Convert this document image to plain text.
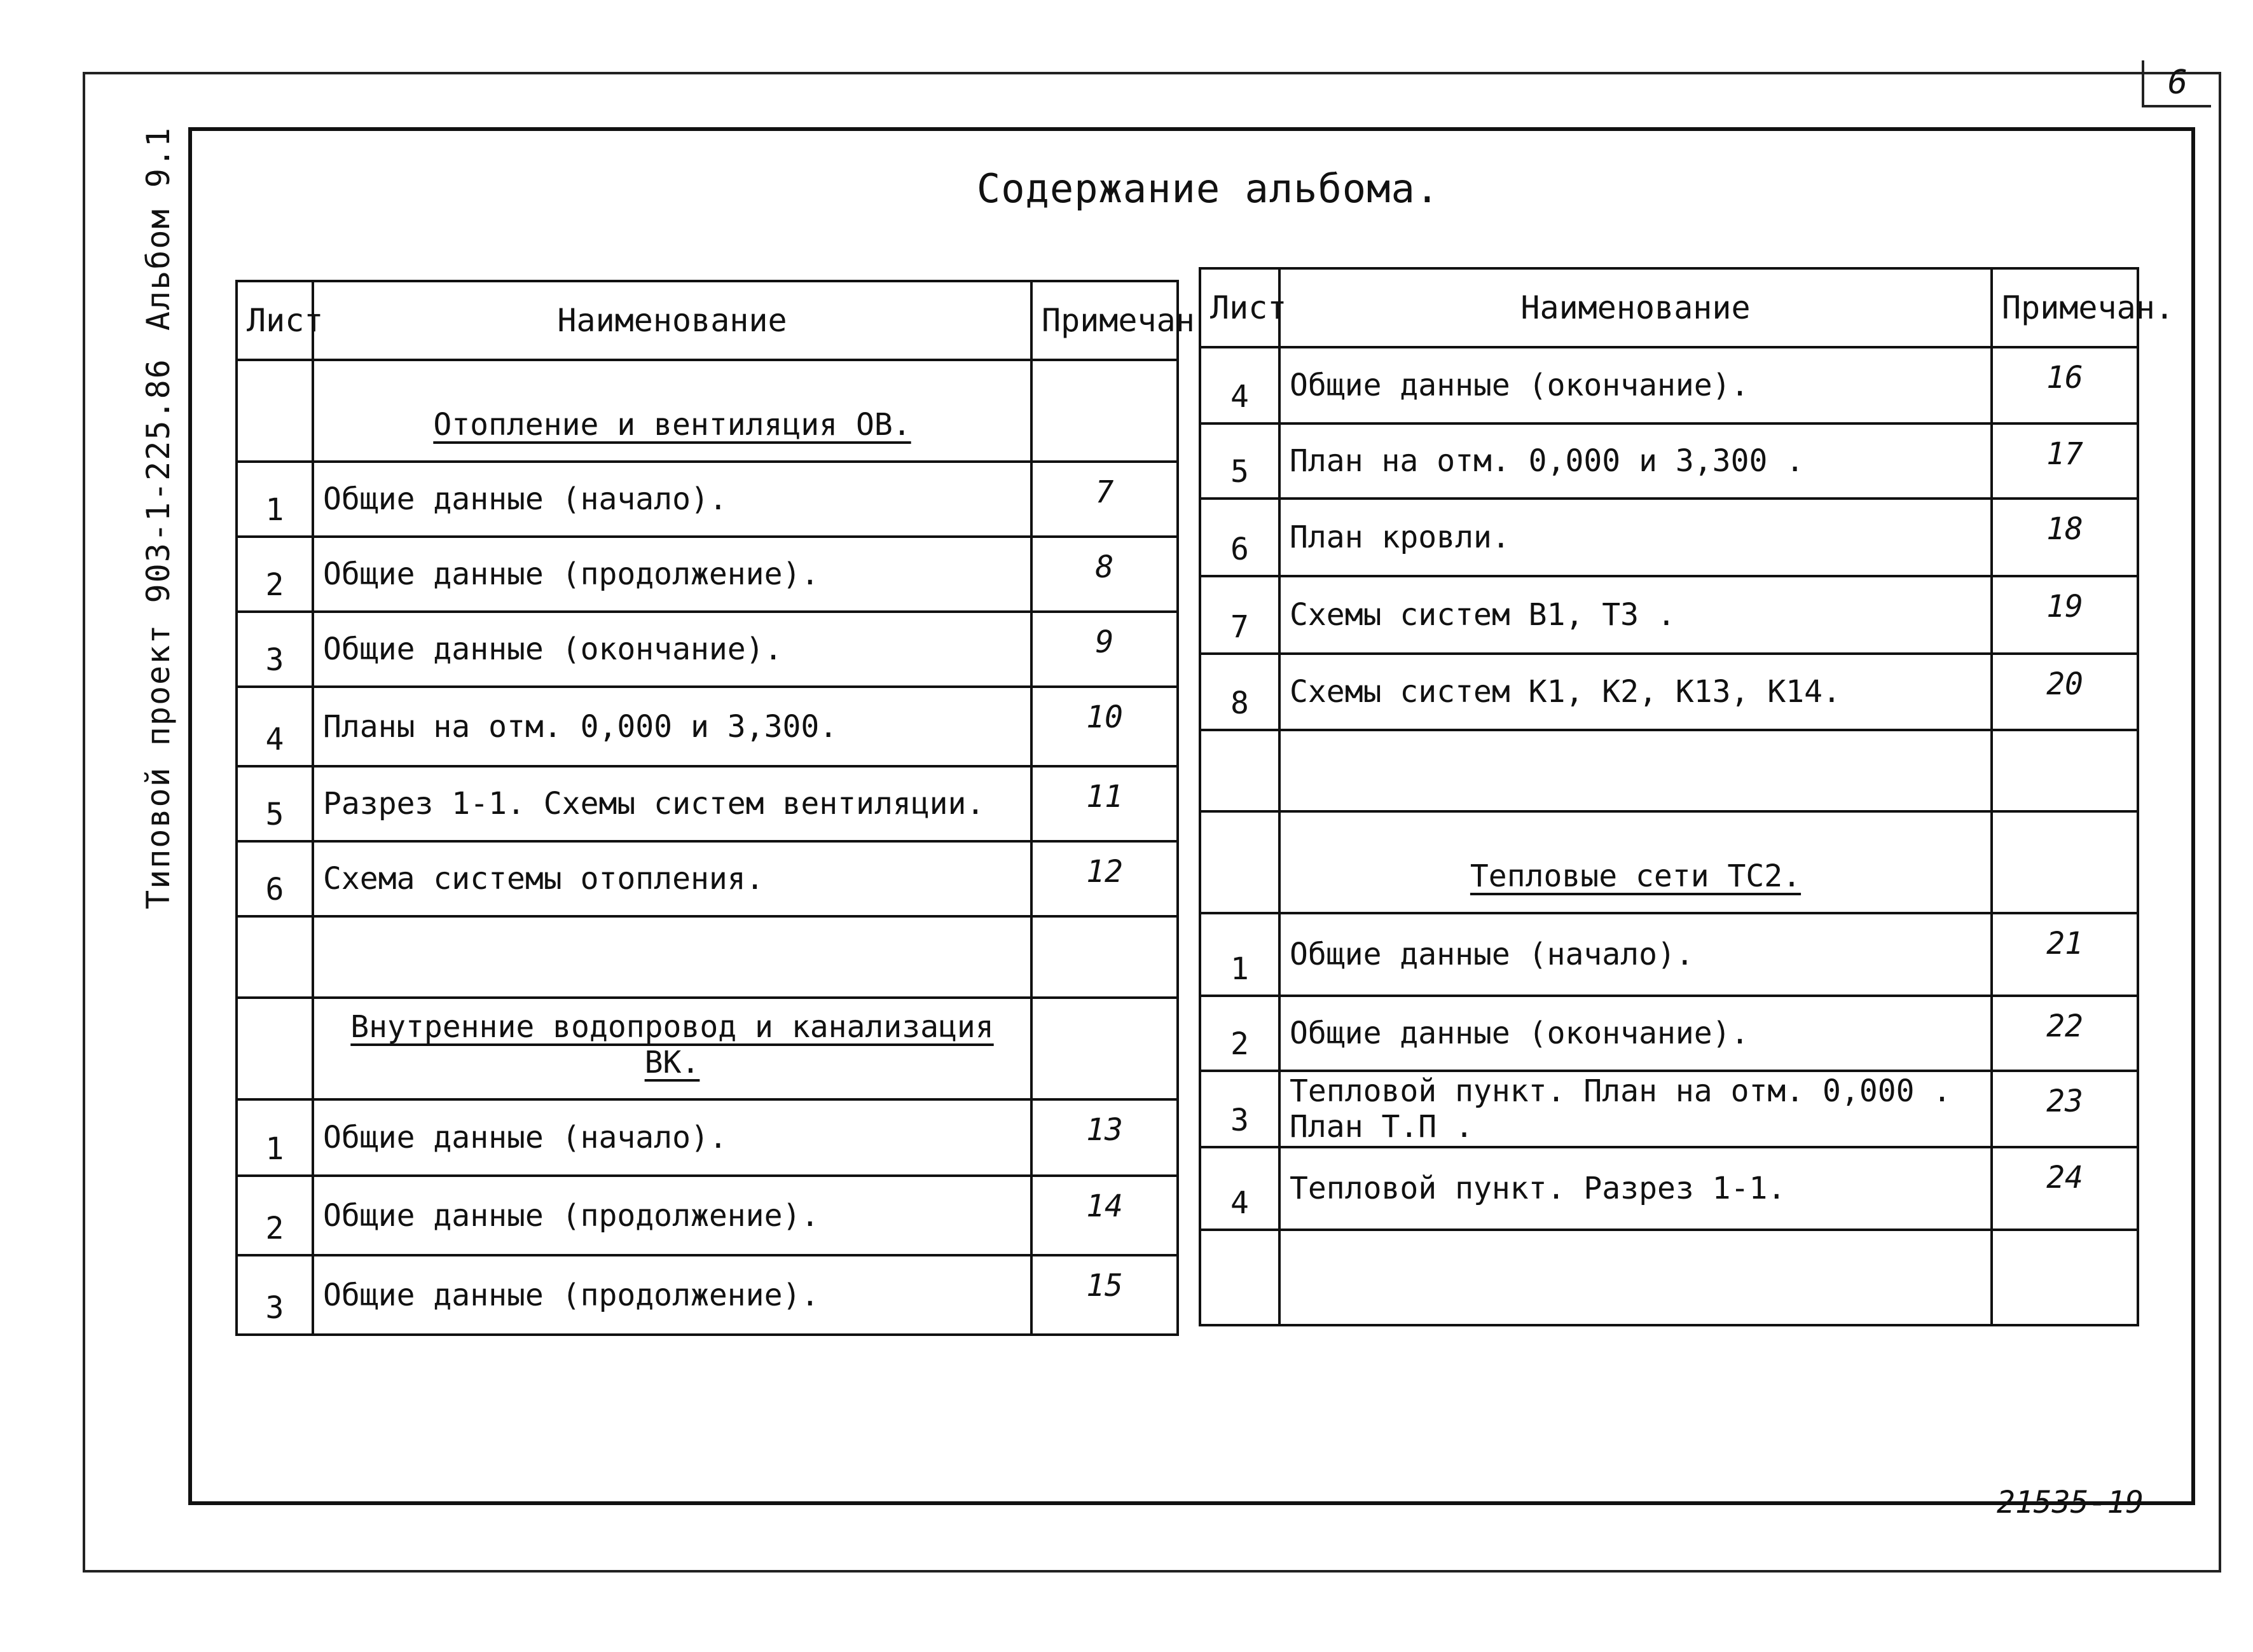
6
Альбом 9.1
Типовой проект 903-1-225.86
Содержание альбома.
Лист	Наименование	Примечан
	Отопление и вентиляция ОВ.	
1	Общие данные (начало).	7
2	Общие данные (продолжение).	8
3	Общие данные (окончание).	9
4	Планы на отм. 0,000 и 3,300.	10
5	Разрез 1-1. Схемы систем вентиляции.	11
6	Схема системы отопления.	12

	Внутренние водопровод и канализация ВК.	
1	Общие данные (начало).	13
2	Общие данные (продолжение).	14
3	Общие данные (продолжение).	15
Лист	Наименование	Примечан.
4	Общие данные (окончание).	16
5	План на отм. 0,000 и 3,300 .	17
6	План кровли.	18
7	Схемы систем В1, Т3 .	19
8	Схемы систем К1, К2, К13, К14.	20

	Тепловые сети ТС2.	
1	Общие данные (начало).	21
2	Общие данные (окончание).	22
3	Тепловой пункт. План на отм. 0,000 . План Т.П .	23
4	Тепловой пункт. Разрез 1-1.	24

21535-19
